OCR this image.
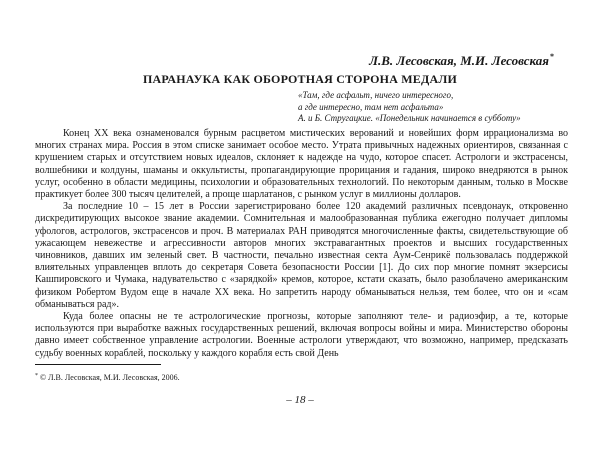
Л.В. Лесовская, М.И. Лесовская*
ПАРАНАУКА КАК ОБОРОТНАЯ СТОРОНА МЕДАЛИ
«Там, где асфальт, ничего интересного,
а где интересно, там нет асфальта»
А. и Б. Стругацкие. «Понедельник начинается в субботу»

Конец XX века ознаменовался бурным расцветом мистических верований и новейших форм иррационализма во многих странах мира. Россия в этом списке занимает особое место. Утрата привычных надежных ориентиров, связанная с крушением старых и отсутствием новых идеалов, склоняет к надежде на чудо, которое спасет. Астрологи и экстрасенсы, волшебники и колдуны, шаманы и оккультисты, пропагандирующие прорицания и гадания, широко внедряются в рынок услуг, особенно в области медицины, психологии и образовательных технологий. По некоторым данным, только в Москве практикует более 300 тысяч целителей, а проще шарлатанов, с рынком услуг в миллионы долларов.

За последние 10 – 15 лет в России зарегистрировано более 120 академий различных псевдонаук, откровенно дискредитирующих высокое звание академии. Сомнительная и малообразованная публика ежегодно получает дипломы уфологов, астрологов, экстрасенсов и проч. В материалах РАН приводятся многочисленные факты, свидетельствующие об ужасающем невежестве и агрессивности авторов многих экстравагантных проектов и высших государственных чиновников, давших им зеленый свет. В частности, печально известная секта Аум-Сенрикё пользовалась поддержкой влиятельных управленцев вплоть до секретаря Совета безопасности России [1]. До сих пор многие помнят экзерсисы Кашпировского и Чумака, надувательство с «зарядкой» кремов, которое, кстати сказать, было разоблачено американским физиком Робертом Вудом еще в начале XX века. Но запретить народу обманываться нельзя, тем более, что он и «сам обманываться рад».

Куда более опасны не те астрологические прогнозы, которые заполняют теле- и радиоэфир, а те, которые используются при выработке важных государственных решений, включая вопросы войны и мира. Министерство обороны давно имеет собственное управление астрологии. Военные астрологи утверждают, что возможно, например, предсказать судьбу военных кораблей, поскольку у каждого корабля есть свой День

* © Л.В. Лесовская, М.И. Лесовская, 2006.
– 18 –
